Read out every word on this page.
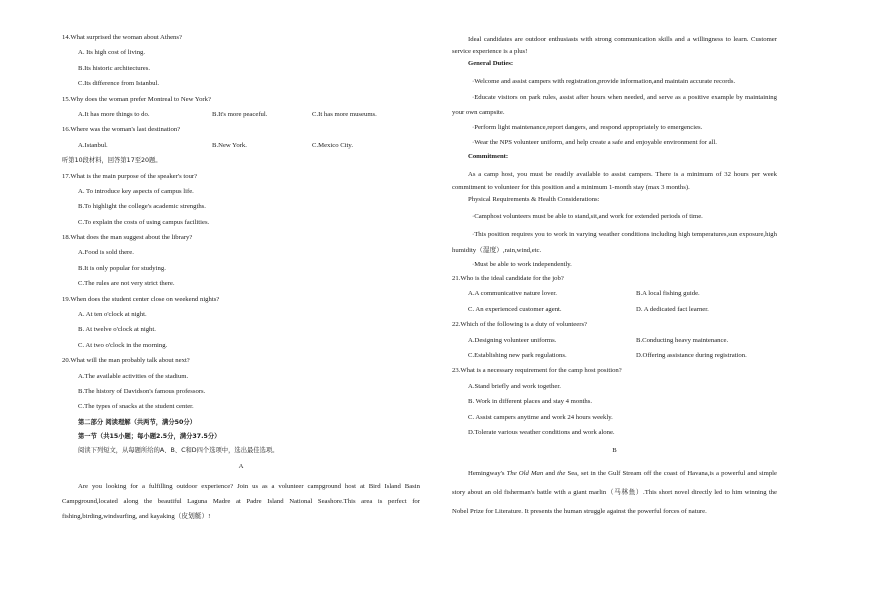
14.What surprised the woman about Athens?
A. Its high cost of living.
B.Its historic architectures.
C.Its difference from Istanbul.
15.Why does the woman prefer Montreal to New York?
A.It has more things to do.	B.It's more peaceful.	C.It has more museums.
16.Where was the woman's last destination?
A.Istanbul.	B.New York.	C.Mexico City.
听第10段材料，回答第17至20题。
17.What is the main purpose of the speaker's tour?
A. To introduce key aspects of campus life.
B.To highlight the college's academic strengths.
C.To explain the costs of using campus facilities.
18.What does the man suggest about the library?
A.Food is sold there.
B.It is only popular for studying.
C.The rules are not very strict there.
19.When does the student center close on weekend nights?
A. At ten o'clock at night.
B. At twelve o'clock at night.
C. At two o'clock in the morning.
20.What will the man probably talk about next?
A.The available activities of the stadium.
B.The history of Davidson's famous professors.
C.The types of snacks at the student center.
第二部分 阅读理解（共两节，满分50分）
第一节（共15小题；每小题2.5分，满分37.5分）
阅读下列短文，从每题所给的A、B、C和D四个选项中，选出最佳选项。
A
Are you looking for a fulfilling outdoor experience? Join us as a volunteer campground host at Bird Island Basin Campground,located along the beautiful Laguna Madre at Padre Island National Seashore.This area is perfect for fishing,birding,windsurfing, and kayaking（皮划艇）!
Ideal candidates are outdoor enthusiasts with strong communication skills and a willingness to learn. Customer service experience is a plus!
General Duties:
·Welcome and assist campers with registration,provide information,and maintain accurate records.
·Educate visitors on park rules, assist after hours when needed, and serve as a positive example by maintaining your own campsite.
·Perform light maintenance,report dangers, and respond appropriately to emergencies.
·Wear the NPS volunteer uniform, and help create a safe and enjoyable environment for all.
Commitment:
As a camp host, you must be readily available to assist campers. There is a minimum of 32 hours per week commitment to volunteer for this position and a minimum 1-month stay (max 3 months).
Physical Requirements & Health Considerations:
·Camphost volunteers must be able to stand,sit,and work for extended periods of time.
·This position requires you to work in varying weather conditions including high temperatures,sun exposure,high humidity（湿度）,rain,wind,etc.
·Must be able to work independently.
21.Who is the ideal candidate for the job?
A.A communicative nature lover.	B.A local fishing guide.
C. An experienced customer agent.	D. A dedicated fact learner.
22.Which of the following is a duty of volunteers?
A.Designing volunteer uniforms.	B.Conducting heavy maintenance.
C.Establishing new park regulations.	D.Offering assistance during registration.
23.What is a necessary requirement for the camp host position?
A.Stand briefly and work together.
B. Work in different places and stay 4 months.
C. Assist campers anytime and work 24 hours weekly.
D.Tolerate various weather conditions and work alone.
B
Hemingway's The Old Man and the Sea, set in the Gulf Stream off the coast of Havana,is a powerful and simple story about an old fisherman's battle with a giant marlin（马林鱼）.This short novel directly led to him winning the Nobel Prize for Literature. It presents the human struggle against the powerful forces of nature.
